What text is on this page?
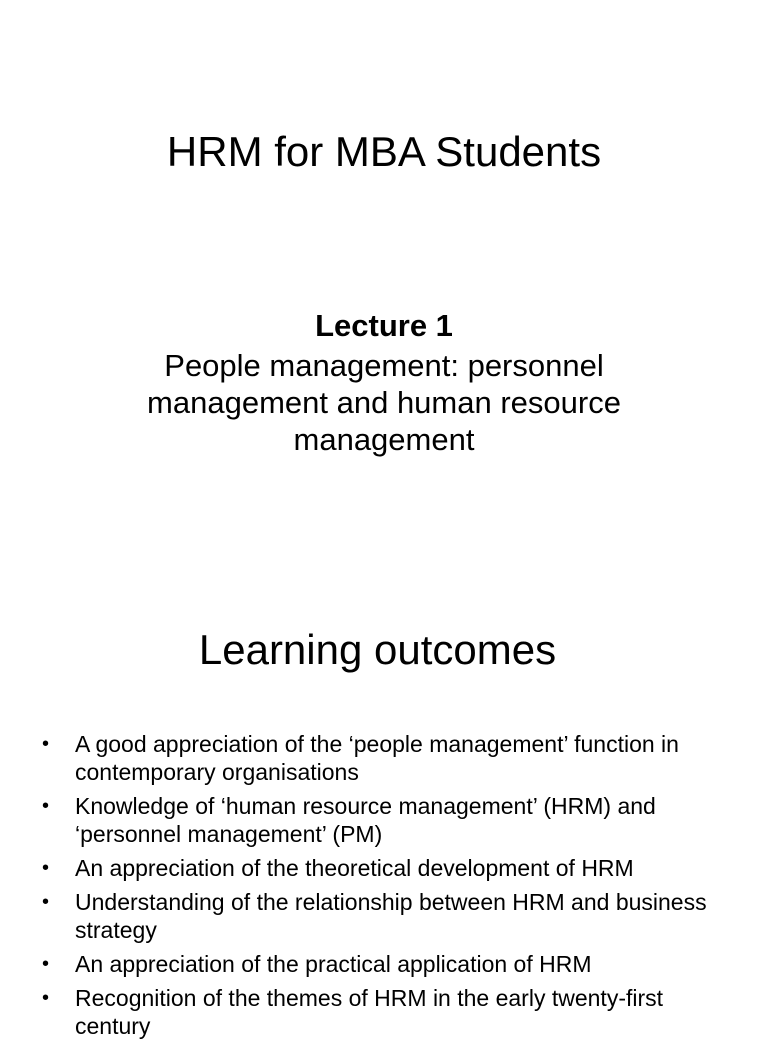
HRM for MBA Students

Lecture 1

People management: personnel management and human resource management

Learning outcomes
• A good appreciation of the ‘people management’ function in contemporary organisations
• Knowledge of ‘human resource management’ (HRM) and ‘personnel management’ (PM)
• An appreciation of the theoretical development of HRM
• Understanding of the relationship between HRM and business strategy
• An appreciation of the practical application of HRM
• Recognition of the themes of HRM in the early twenty-first century
